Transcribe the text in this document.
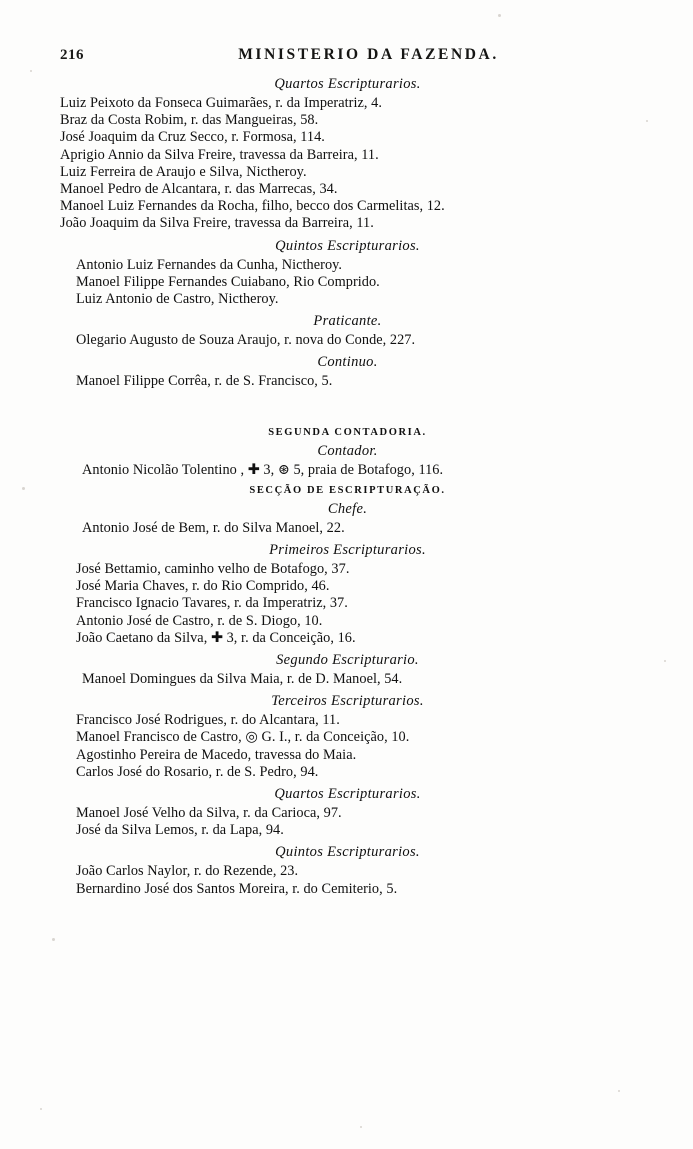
216	MINISTERIO DA FAZENDA.
Quartos Escripturarios.

Luiz Peixoto da Fonseca Guimarães, r. da Imperatriz, 4.

Braz da Costa Robim, r. das Mangueiras, 58.

José Joaquim da Cruz Secco, r. Formosa, 114.

Aprigio Annio da Silva Freire, travessa da Barreira, 11.

Luiz Ferreira de Araujo e Silva, Nictheroy.

Manoel Pedro de Alcantara, r. das Marrecas, 34.

Manoel Luiz Fernandes da Rocha, filho, becco dos Carmelitas, 12.

João Joaquim da Silva Freire, travessa da Barreira, 11.

Quintos Escripturarios.

Antonio Luiz Fernandes da Cunha, Nictheroy.

Manoel Filippe Fernandes Cuiabano, Rio Comprido.

Luiz Antonio de Castro, Nictheroy.

Praticante.

Olegario Augusto de Souza Araujo, r. nova do Conde, 227.

Continuo.

Manoel Filippe Corrêa, r. de S. Francisco, 5.

SEGUNDA CONTADORIA.
Contador.

Antonio Nicolão Tolentino , ✚ 3, ⊛ 5, praia de Botafogo, 116.

SECÇÃO DE ESCRIPTURAÇÃO.
Chefe.

Antonio José de Bem, r. do Silva Manoel, 22.

Primeiros Escripturarios.

José Bettamio, caminho velho de Botafogo, 37.

José Maria Chaves, r. do Rio Comprido, 46.

Francisco Ignacio Tavares, r. da Imperatriz, 37.

Antonio José de Castro, r. de S. Diogo, 10.

João Caetano da Silva, ✚ 3, r. da Conceição, 16.

Segundo Escripturario.

Manoel Domingues da Silva Maia, r. de D. Manoel, 54.

Terceiros Escripturarios.

Francisco José Rodrigues, r. do Alcantara, 11.

Manoel Francisco de Castro, ◎ G. I., r. da Conceição, 10.

Agostinho Pereira de Macedo, travessa do Maia.

Carlos José do Rosario, r. de S. Pedro, 94.

Quartos Escripturarios.

Manoel José Velho da Silva, r. da Carioca, 97.

José da Silva Lemos, r. da Lapa, 94.

Quintos Escripturarios.

João Carlos Naylor, r. do Rezende, 23.

Bernardino José dos Santos Moreira, r. do Cemiterio, 5.
